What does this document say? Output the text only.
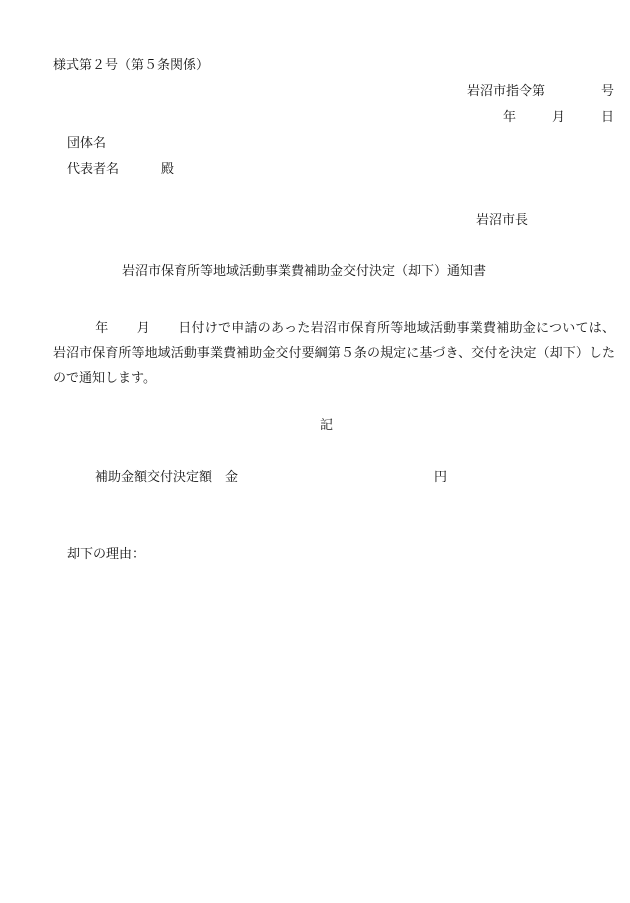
様式第２号（第５条関係）
岩沼市指令第	号
年	月	日
団体名
代表者名	殿
岩沼市長
岩沼市保育所等地域活動事業費補助金交付決定（却下）通知書
年 月 日付けで申請のあった岩沼市保育所等地域活動事業費補助金については、岩沼市保育所等地域活動事業費補助金交付要綱第５条の規定に基づき、交付を決定（却下）したので通知します。
記
補助金額交付決定額 金	円
却下の理由：
